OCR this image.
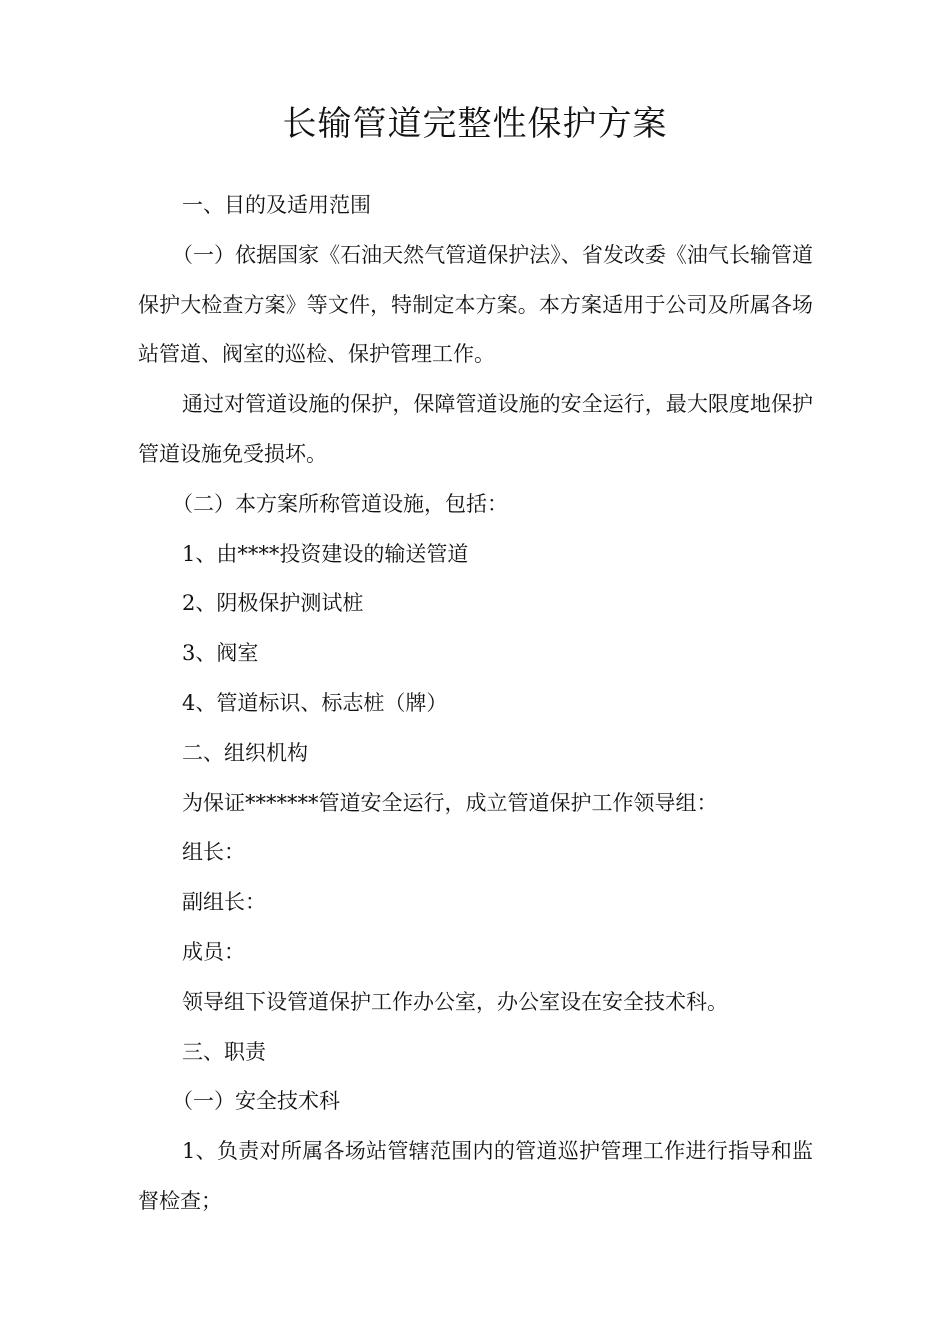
长输管道完整性保护方案

一、目的及适用范围

（一）依据国家《石油天然气管道保护法》、省发改委《油气长输管道保护大检查方案》等文件，特制定本方案。本方案适用于公司及所属各场站管道、阀室的巡检、保护管理工作。

通过对管道设施的保护，保障管道设施的安全运行，最大限度地保护管道设施免受损坏。

（二）本方案所称管道设施，包括：

1、由****投资建设的输送管道

2、阴极保护测试桩

3、阀室

4、管道标识、标志桩（牌）

二、组织机构

为保证*******管道安全运行，成立管道保护工作领导组：

组长：

副组长：

成员：

领导组下设管道保护工作办公室，办公室设在安全技术科。

三、职责

（一）安全技术科

1、负责对所属各场站管辖范围内的管道巡护管理工作进行指导和监督检查；
